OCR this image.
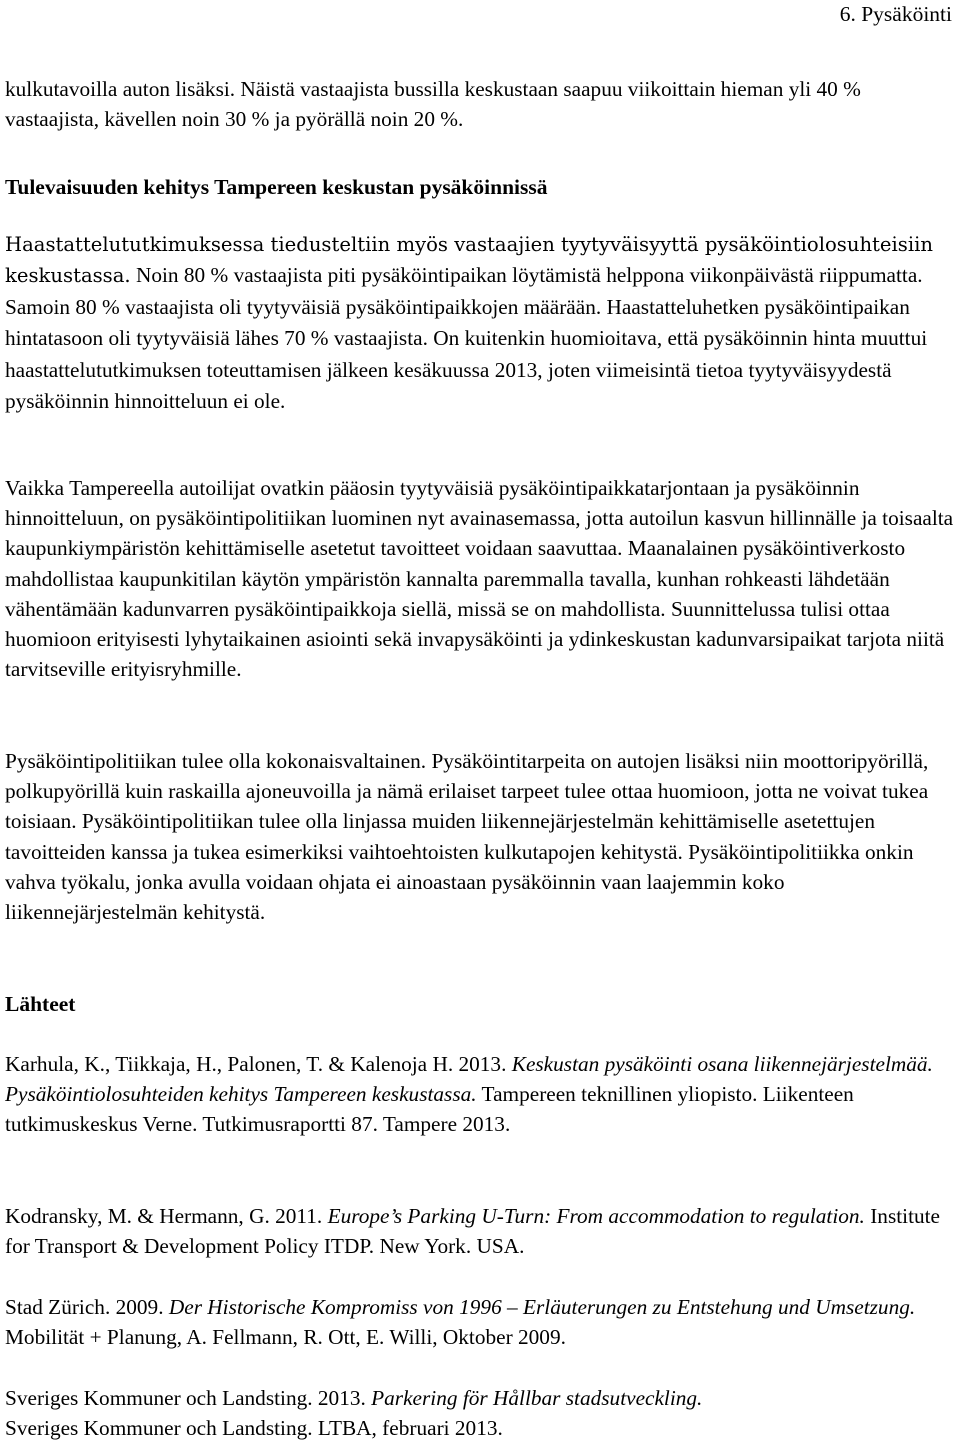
6. Pysäköinti

kulkutavoilla auton lisäksi. Näistä vastaajista bussilla keskustaan saapuu viikoittain hieman yli 40 % vastaajista, kävellen noin 30 % ja pyörällä noin 20 %.

Tulevaisuuden kehitys Tampereen keskustan pysäköinnissä

Haastattelututkimuksessa tiedusteltiin myös vastaajien tyytyväisyyttä pysäköintiolosuhteisiin keskustassa. Noin 80 % vastaajista piti pysäköintipaikan löytämistä helppona viikonpäivästä riippumatta. Samoin 80 % vastaajista oli tyytyväisiä pysäköintipaikkojen määrään. Haastatteluhetken pysäköintipaikan hintatasoon oli tyytyväisiä lähes 70 % vastaajista. On kuitenkin huomioitava, että pysäköinnin hinta muuttui haastattelututkimuksen toteuttamisen jälkeen kesäkuussa 2013, joten viimeisintä tietoa tyytyväisyydestä pysäköinnin hinnoitteluun ei ole.

Vaikka Tampereella autoilijat ovatkin pääosin tyytyväisiä pysäköintipaikkatarjontaan ja pysäköinnin hinnoitteluun, on pysäköintipolitiikan luominen nyt avainasemassa, jotta autoilun kasvun hillinnälle ja toisaalta kaupunkiympäristön kehittämiselle asetetut tavoitteet voidaan saavuttaa. Maanalainen pysäköintiverkosto mahdollistaa kaupunkitilan käytön ympäristön kannalta paremmalla tavalla, kunhan rohkeasti lähdetään vähentämään kadunvarren pysäköintipaikkoja siellä, missä se on mahdollista. Suunnittelussa tulisi ottaa huomioon erityisesti lyhytaikainen asiointi sekä invapysäköinti ja ydinkeskustan kadunvarsipaikat tarjota niitä tarvitseville erityisryhmille.

Pysäköintipolitiikan tulee olla kokonaisvaltainen. Pysäköintitarpeita on autojen lisäksi niin moottoripyörillä, polkupyörillä kuin raskailla ajoneuvoilla ja nämä erilaiset tarpeet tulee ottaa huomioon, jotta ne voivat tukea toisiaan. Pysäköintipolitiikan tulee olla linjassa muiden liikennejärjestelmän kehittämiselle asetettujen tavoitteiden kanssa ja tukea esimerkiksi vaihtoehtoisten kulkutapojen kehitystä. Pysäköintipolitiikka onkin vahva työkalu, jonka avulla voidaan ohjata ei ainoastaan pysäköinnin vaan laajemmin koko liikennejärjestelmän kehitystä.

Lähteet

Karhula, K., Tiikkaja, H., Palonen, T. & Kalenoja H. 2013. Keskustan pysäköinti osana liikennejärjestelmää. Pysäköintiolosuhteiden kehitys Tampereen keskustassa. Tampereen teknillinen yliopisto. Liikenteen tutkimuskeskus Verne. Tutkimusraportti 87. Tampere 2013.

Kodransky, M. & Hermann, G. 2011. Europe’s Parking U-Turn: From accommodation to regulation. Institute for Transport & Development Policy ITDP. New York. USA.

Stad Zürich. 2009. Der Historische Kompromiss von 1996 – Erläuterungen zu Entstehung und Umsetzung. Mobilität + Planung, A. Fellmann, R. Ott, E. Willi, Oktober 2009.

Sveriges Kommuner och Landsting. 2013. Parkering för Hållbar stadsutveckling.

Sveriges Kommuner och Landsting. LTBA, februari 2013.
